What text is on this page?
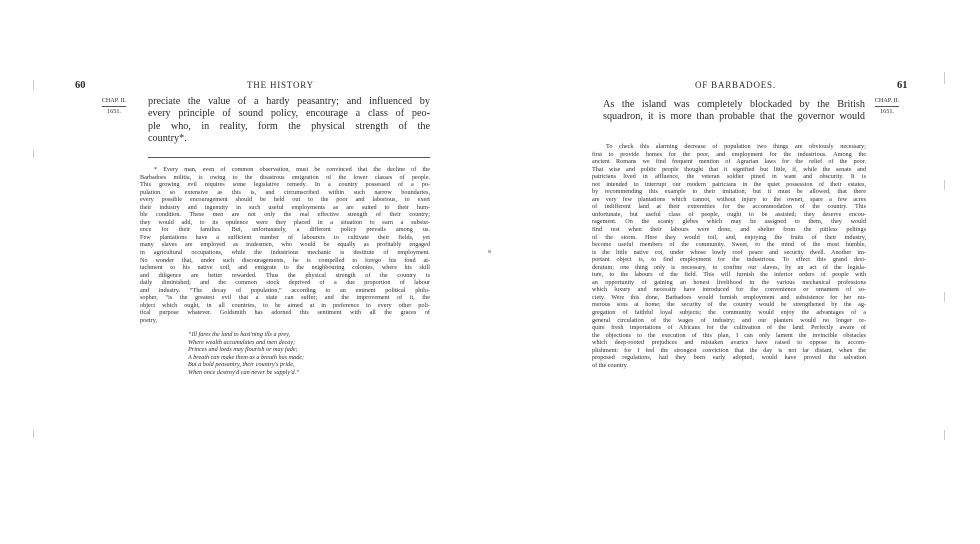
60	THE HISTORY
CHAP. II.
1651.
preciate the value of a hardy peasantry; and influenced by
every principle of sound policy, encourage a class of peo-
ple who, in reality, form the physical strength of the
country*.
* Every man, even of common observation, must be convinced that the decline of the
Barbadoes militia, is owing to the disastrous emigration of the lower classes of people.
This growing evil requires some legislative remedy. In a country possessed of a po-
pulation so extensive as this is, and circumscribed within such narrow boundaries,
every possible encouragement should be held out to the poor and laborious, to exert
their industry and ingenuity in such useful employments as are suited to their hum-
ble condition. These men are not only the real effective strength of their country;
they would add, to its opulence were they placed in a situation to earn a subsist-
ence for their families. But, unfortunately, a different policy prevails among us.
Few plantations have a sufficient number of labourers to cultivate their fields, yet
many slaves are employed as tradesmen, who would be equally as profitably engaged
in agricultural occupations, while the industrious mechanic is destitute of employment.
No wonder that, under such discouragements, he is compelled to forego his fond at-
tachment to his native soil, and emigrate to the neighbouring colonies, where his skill
and diligence are better rewarded. Thus the physical strength of the country is
daily diminished; and the common stock deprived of a due proportion of labour
and industry. “The decay of population,” according to an eminent political philo-
sopher, “is the greatest evil that a state can suffer; and the improvement of it, the
object which ought, in all countries, to be aimed at in preference to every other poli-
tical purpose whatever. Goldsmith has adorned this sentiment with all the graces of
poetry,
“Ill fares the land to hast'ning ills a prey,
Where wealth accumulates and men decay;
Princes and lords may flourish or may fade;
A breath can make them as a breath has made;
But a bold peasantry, their country's pride,
When once destroy'd can never be supply'd.”
61
OF BARBADOES.
CHAP. II.
1651.
As the island was completely blockaded by the British
squadron, it is more than probable that the governor would
To check this alarming decrease of population two things are obviously necessary;
first to provide homes for the poor, and employment for the industrious. Among the
ancient Romans we find frequent mention of Agrarian laws for the relief of the poor.
That wise and politic people thought that it signified but little, if, while the senate and
patricians lived in affluence, the veteran soldier pined in want and obscurity. It is
not intended to interrupt our modern patricians in the quiet possession of their estates,
by recommending this example to their imitation; but it must be allowed, that there
are very few plantations which cannot, without injury to the owner, spare a few acres
of indifferent land at their extremities for the accommodation of the country. This
unfortunate, but useful class of people, ought to be assisted; they deserve encou-
ragement. On the scanty glebes which may be assigned to them, they would
find rest when their labours were done, and shelter from the pitiless peltings
of the storm. Here they would toil, and, enjoying the fruits of their industry,
become useful members of the community. Sweet, to the mind of the most humble,
is the little native cot, under whose lowly roof peace and security dwell. Another im-
portant object is, to find employment for the industrious. To effect this grand desi-
deratum; one thing only is necessary, to confine our slaves, by an act of the legisla-
ture, to the labours of the field. This will furnish the inferior orders of people with
an opportunity of gaining an honest livelihood in the various mechanical professions
which luxury and necessity have introduced for the convenience or ornament of so-
ciety. Were this done, Barbadoes would furnish employment and subsistence for her nu-
merous sons at home; the security of the country would be strengthened by the ag-
gregation of faithful loyal subjects; the community would enjoy the advantages of a
general circulation of the wages of industry; and our planters would no longer re-
quire fresh importations of Africans for the cultivation of the land. Perfectly aware of
the objections to the execution of this plan, I can only lament the invincible obstacles
which deep-rooted prejudices and mistaken avarice have raised to oppose its accom-
plishment: for I feel the strongest conviction that the day is not far distant, when the
proposed regulations, had they been early adopted, would have proved the salvation
of the country.
